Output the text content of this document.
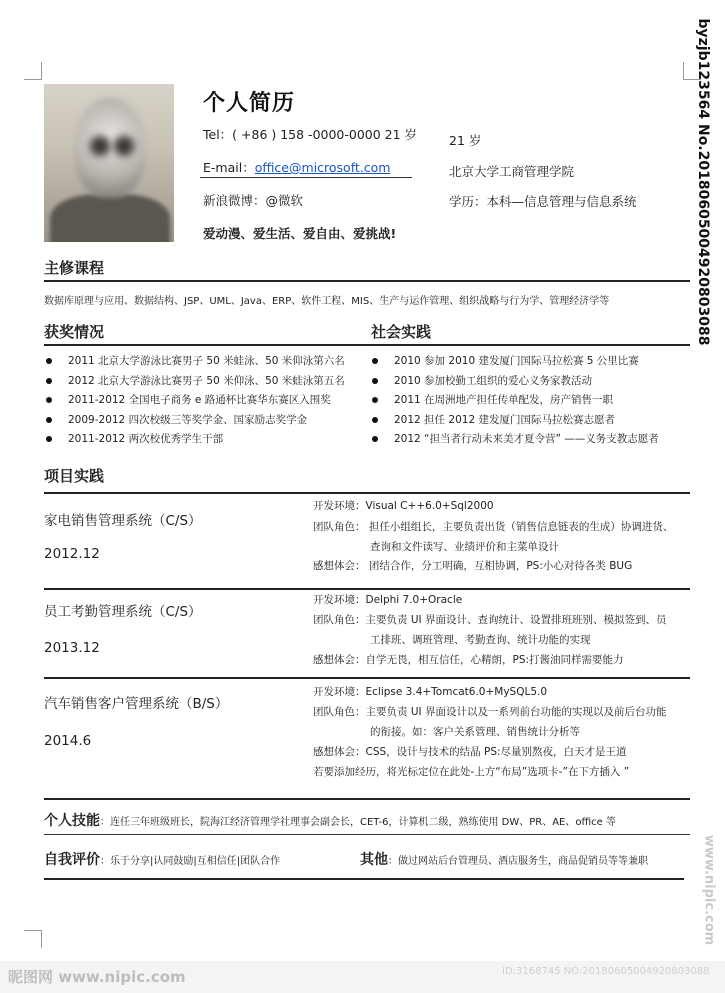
个人简历
Tel：( +86 ) 158 -0000-0000 21 岁
E-mail：office@microsoft.com
新浪微博：@微软
爱动漫、爱生活、爱自由、爱挑战!
21 岁
北京大学工商管理学院
学历：本科—信息管理与信息系统
主修课程
数据库原理与应用、数据结构、JSP、UML、Java、ERP、软件工程、MIS、生产与运作管理、组织战略与行为学、管理经济学等
获奖情况	社会实践
2011 北京大学游泳比赛男子 50 米蛙泳、50 米仰泳第六名
2012 北京大学游泳比赛男子 50 米仰泳、50 米蛙泳第五名
2011-2012 全国电子商务 e 路通杯比赛华东赛区入围奖
2009-2012 四次校级三等奖学金、国家励志奖学金
2011-2012 两次校优秀学生干部
2010 参加 2010 建发厦门国际马拉松赛 5 公里比赛
2010 参加校勤工组织的爱心义务家教活动
2011 在周洲地产担任传单配发，房产销售一职
2012 担任 2012 建发厦门国际马拉松赛志愿者
2012 “担当者行动未来美才夏令营” ——义务支教志愿者
项目实践
家电销售管理系统（C/S）
2012.12
开发环境：Visual C++6.0+Sql2000
团队角色： 担任小组组长，主要负责出货（销售信息链表的生成）协调进货、
查询和文件读写、业绩评价和主菜单设计
感想体会： 团结合作，分工明确，互相协调，PS:小心对待各类 BUG
员工考勤管理系统（C/S）
2013.12
开发环境：Delphi 7.0+Oracle
团队角色：主要负责 UI 界面设计、查询统计、设置排班班别、模拟签到、员
工排班、调班管理、考勤查询、统计功能的实现
感想体会：自学无畏，相互信任，心精朗，PS:打酱油同样需要能力
汽车销售客户管理系统（B/S）
2014.6
开发环境：Eclipse 3.4+Tomcat6.0+MySQL5.0
团队角色：主要负责 UI 界面设计以及一系列前台功能的实现以及前后台功能
的衔接。如：客户关系管理、销售统计分析等
感想体会：CSS，设计与技术的结晶 PS:尽量别熬夜，白天才是王道
若要添加经历，将光标定位在此处-上方“布局”选项卡-”在下方插入 ”
个人技能：连任三年班级班长，院海江经济管理学社理事会副会长，CET-6，计算机二级，熟练使用 DW、PR、AE、office 等
自我评价：乐于分享|认同鼓励|互相信任|团队合作	其他：做过网站后台管理员、酒店服务生，商品促销员等等兼职
byzjb123564 No.20180605004920803088
www.nipic.com
昵图网 www.nipic.com	ID:3168745 NO:20180605004920803088
